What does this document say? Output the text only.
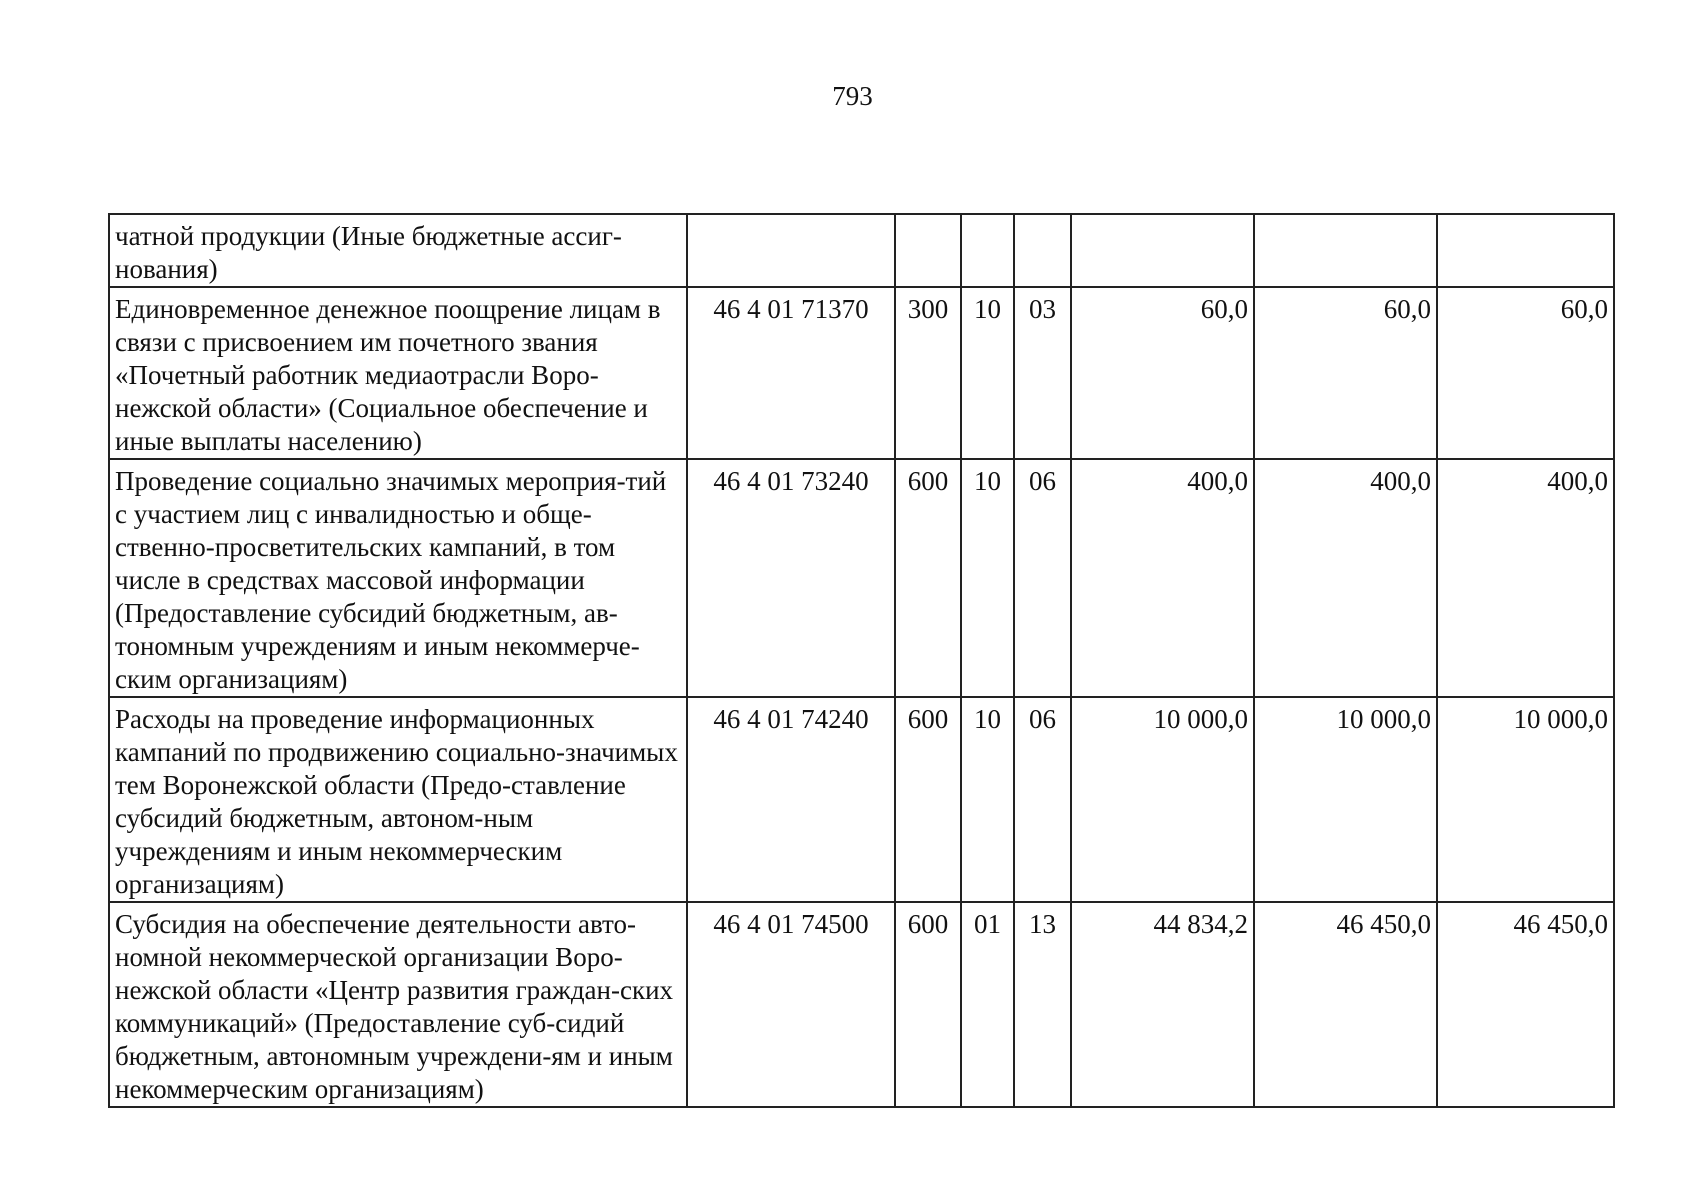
793
чатной продукции (Иные бюджетные ассиг-нования)							
Единовременное денежное поощрение лицам в связи с присвоением им почетного звания «Почетный работник медиаотрасли Воро-нежской области» (Социальное обеспечение и иные выплаты населению)	46 4 01 71370	300	10	03	60,0	60,0	60,0
Проведение социально значимых мероприя-тий с участием лиц с инвалидностью и обще-ственно-просветительских кампаний, в том числе в средствах массовой информации (Предоставление субсидий бюджетным, ав-тономным учреждениям и иным некоммерче-ским организациям)	46 4 01 73240	600	10	06	400,0	400,0	400,0
Расходы на проведение информационных кампаний по продвижению социально-значимых тем Воронежской области (Предо-ставление субсидий бюджетным, автоном-ным учреждениям и иным некоммерческим организациям)	46 4 01 74240	600	10	06	10 000,0	10 000,0	10 000,0
Субсидия на обеспечение деятельности авто-номной некоммерческой организации Воро-нежской области «Центр развития граждан-ских коммуникаций» (Предоставление суб-сидий бюджетным, автономным учреждени-ям и иным некоммерческим организациям)	46 4 01 74500	600	01	13	44 834,2	46 450,0	46 450,0
